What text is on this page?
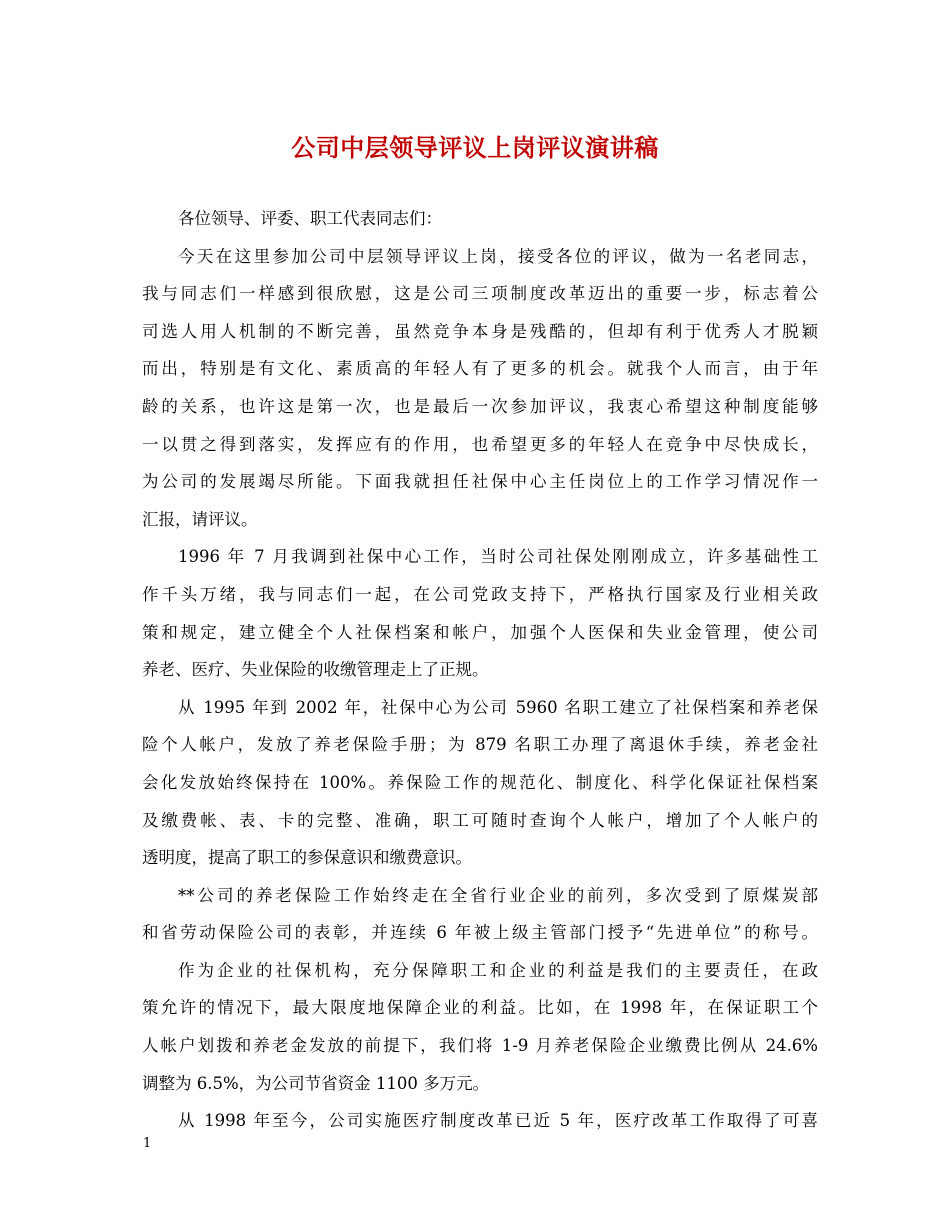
公司中层领导评议上岗评议演讲稿
各位领导、评委、职工代表同志们：
今天在这里参加公司中层领导评议上岗，接受各位的评议，做为一名老同志，
我与同志们一样感到很欣慰，这是公司三项制度改革迈出的重要一步，标志着公
司选人用人机制的不断完善，虽然竞争本身是残酷的，但却有利于优秀人才脱颖
而出，特别是有文化、素质高的年轻人有了更多的机会。就我个人而言，由于年
龄的关系，也许这是第一次，也是最后一次参加评议，我衷心希望这种制度能够
一以贯之得到落实，发挥应有的作用，也希望更多的年轻人在竞争中尽快成长，
为公司的发展竭尽所能。下面我就担任社保中心主任岗位上的工作学习情况作一
汇报，请评议。
1996 年 7 月我调到社保中心工作，当时公司社保处刚刚成立，许多基础性工
作千头万绪，我与同志们一起，在公司党政支持下，严格执行国家及行业相关政
策和规定，建立健全个人社保档案和帐户，加强个人医保和失业金管理，使公司
养老、医疗、失业保险的收缴管理走上了正规。
从 1995 年到 2002 年，社保中心为公司 5960 名职工建立了社保档案和养老保
险个人帐户，发放了养老保险手册；为 879 名职工办理了离退休手续，养老金社
会化发放始终保持在 100%。养保险工作的规范化、制度化、科学化保证社保档案
及缴费帐、表、卡的完整、准确，职工可随时查询个人帐户，增加了个人帐户的
透明度，提高了职工的参保意识和缴费意识。
**公司的养老保险工作始终走在全省行业企业的前列，多次受到了原煤炭部
和省劳动保险公司的表彰，并连续 6 年被上级主管部门授予“先进单位”的称号。
作为企业的社保机构，充分保障职工和企业的利益是我们的主要责任，在政
策允许的情况下，最大限度地保障企业的利益。比如，在 1998 年，在保证职工个
人帐户划拨和养老金发放的前提下，我们将 1-9 月养老保险企业缴费比例从 24.6%
调整为 6.5%，为公司节省资金 1100 多万元。
从 1998 年至今，公司实施医疗制度改革已近 5 年，医疗改革工作取得了可喜
1
